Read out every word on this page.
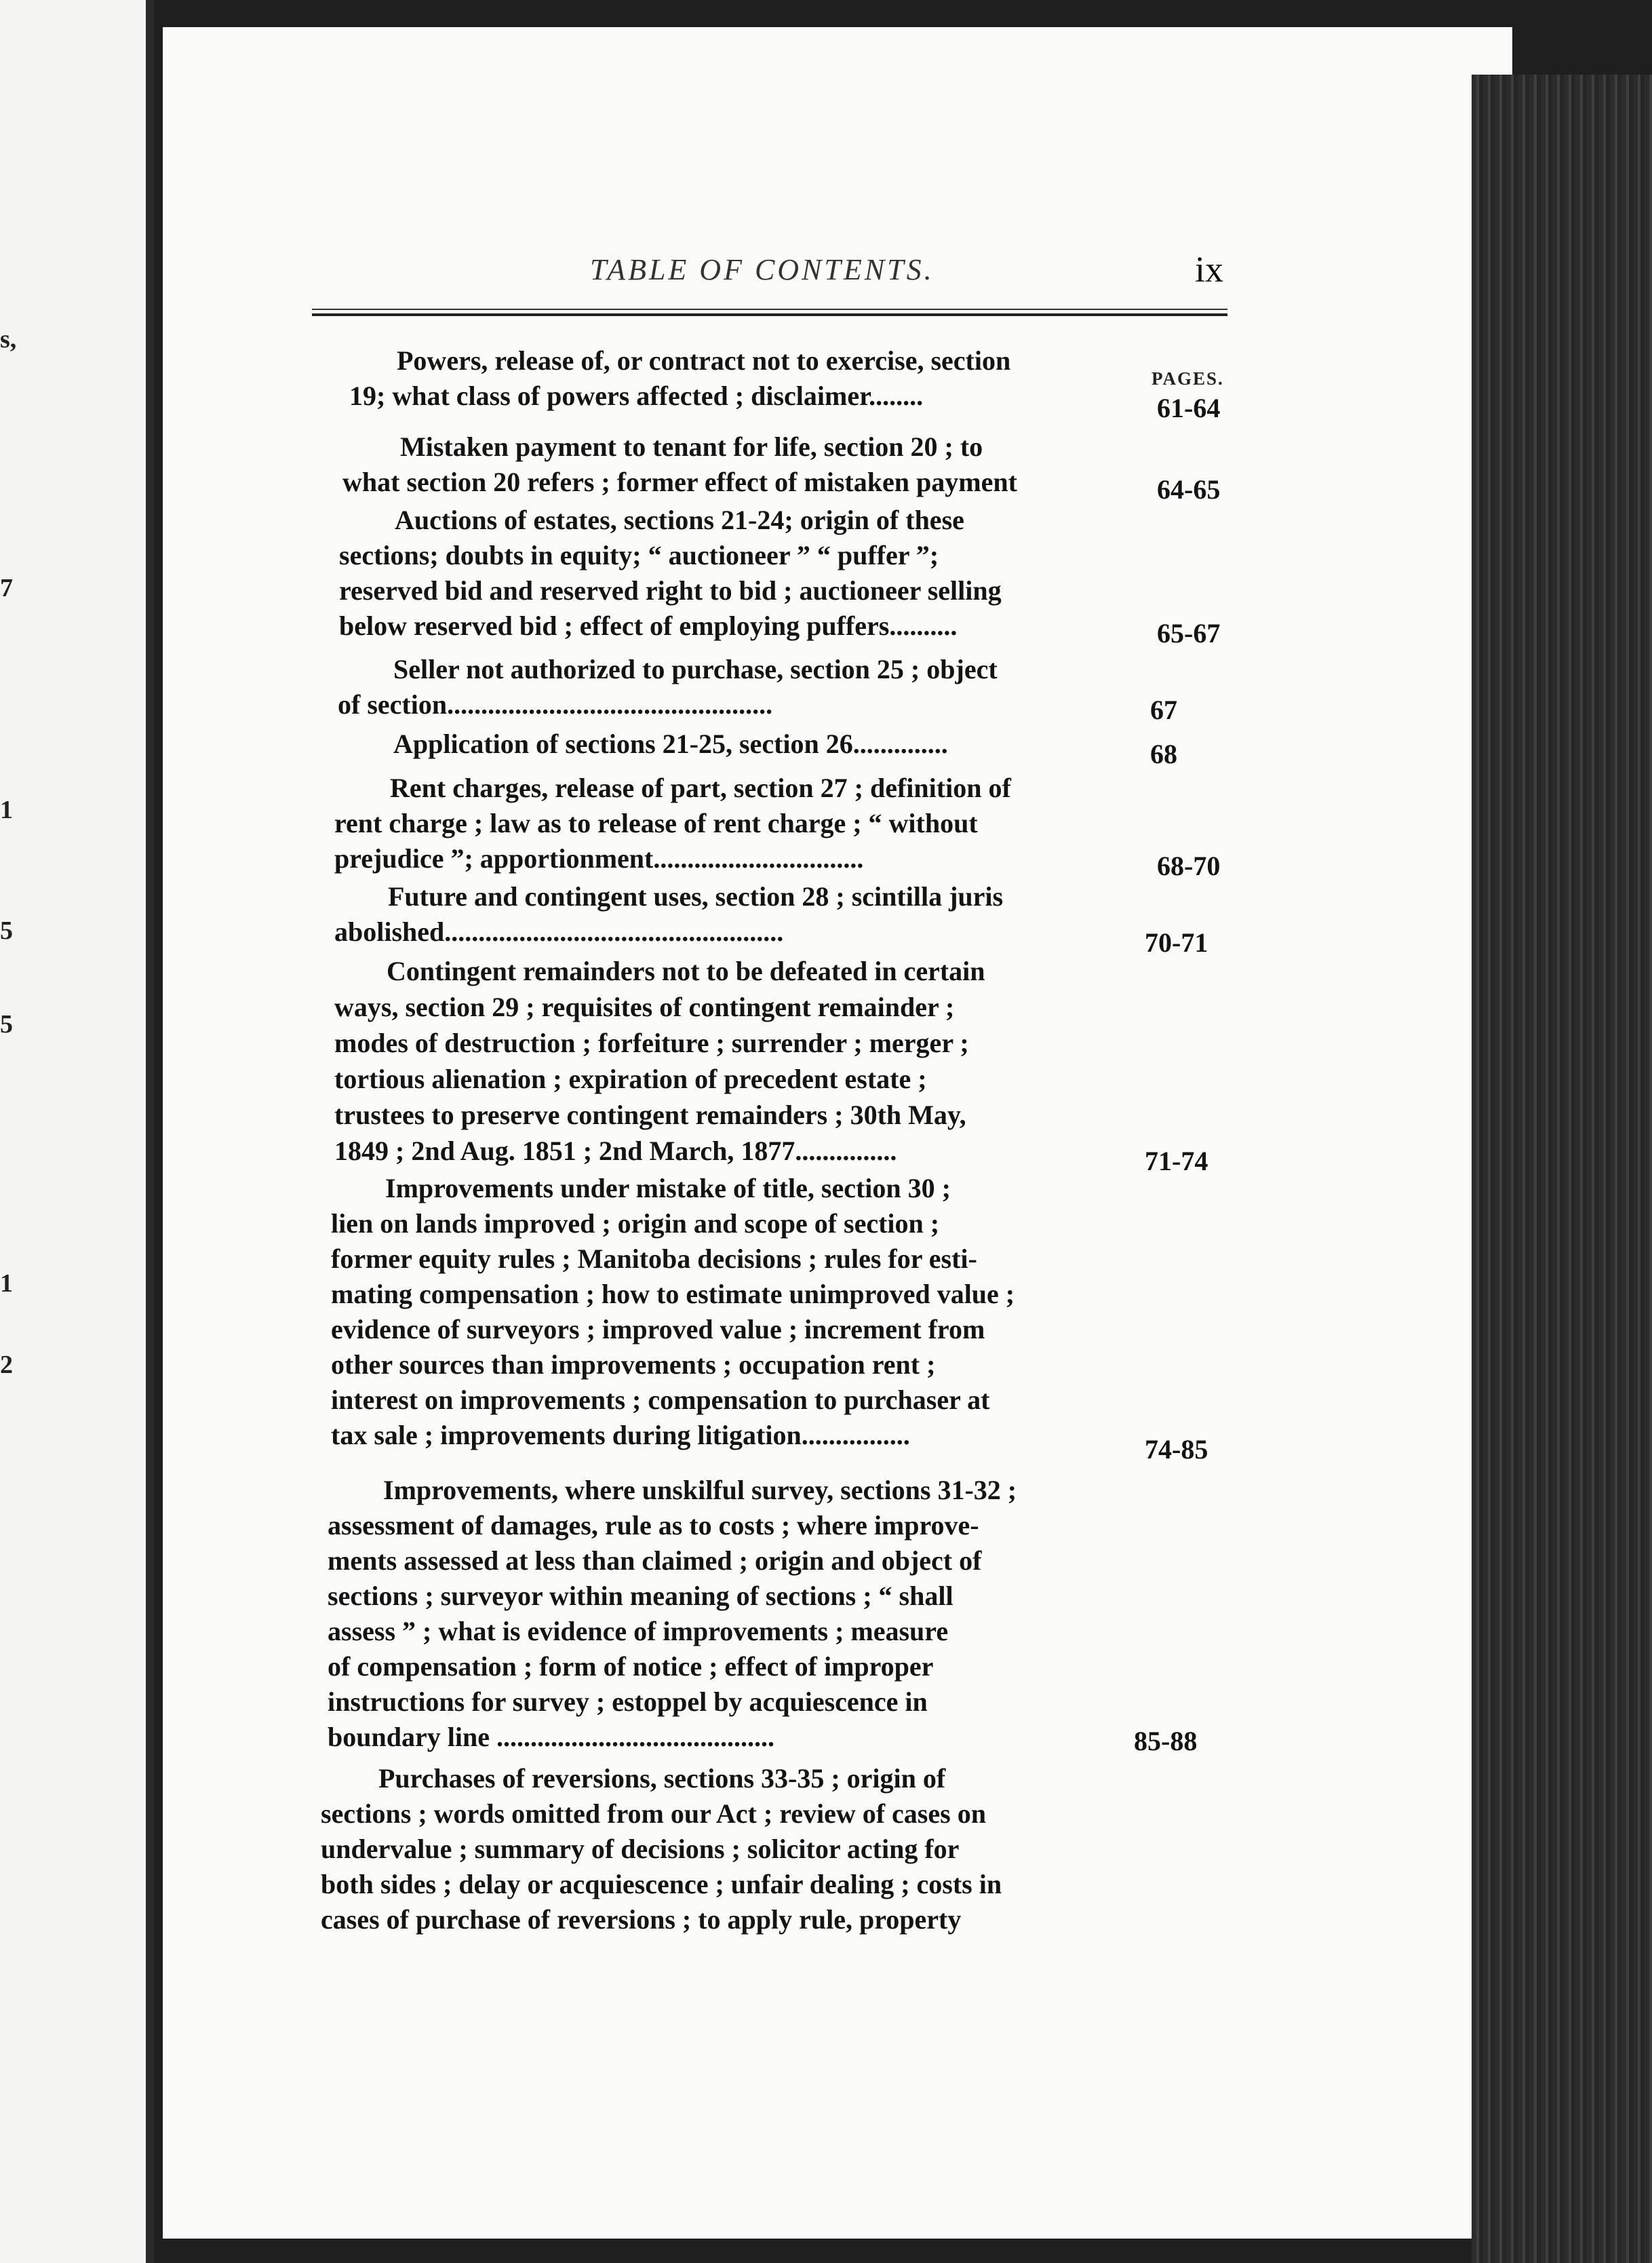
s,
7
1
5
5
1
2
TABLE OF CONTENTS.	ix
PAGES.
Powers, release of, or contract not to exercise, section
19; what class of powers affected ; disclaimer........	61-64
Mistaken payment to tenant for life, section 20 ; to
what section 20 refers ; former effect of mistaken payment	64-65
Auctions of estates, sections 21-24; origin of these
sections; doubts in equity; “ auctioneer ” “ puffer ”;
reserved bid and reserved right to bid ; auctioneer selling
below reserved bid ; effect of employing puffers..........	65-67
Seller not authorized to purchase, section 25 ; object
of section................................................	67
Application of sections 21-25, section 26..............	68
Rent charges, release of part, section 27 ; definition of
rent charge ; law as to release of rent charge ; “ without
prejudice ”; apportionment...............................	68-70
Future and contingent uses, section 28 ; scintilla juris
abolished..................................................	70-71
Contingent remainders not to be defeated in certain
ways, section 29 ; requisites of contingent remainder ;
modes of destruction ; forfeiture ; surrender ; merger ;
tortious alienation ; expiration of precedent estate ;
trustees to preserve contingent remainders ; 30th May,
1849 ; 2nd Aug. 1851 ; 2nd March, 1877...............	71-74
Improvements under mistake of title, section 30 ;
lien on lands improved ; origin and scope of section ;
former equity rules ; Manitoba decisions ; rules for esti-
mating compensation ; how to estimate unimproved value ;
evidence of surveyors ; improved value ; increment from
other sources than improvements ; occupation rent ;
interest on improvements ; compensation to purchaser at
tax sale ; improvements during litigation................	74-85
Improvements, where unskilful survey, sections 31-32 ;
assessment of damages, rule as to costs ; where improve-
ments assessed at less than claimed ; origin and object of
sections ; surveyor within meaning of sections ; “ shall
assess ” ; what is evidence of improvements ; measure
of compensation ; form of notice ; effect of improper
instructions for survey ; estoppel by acquiescence in
boundary line .........................................	85-88
Purchases of reversions, sections 33-35 ; origin of
sections ; words omitted from our Act ; review of cases on
undervalue ; summary of decisions ; solicitor acting for
both sides ; delay or acquiescence ; unfair dealing ; costs in
cases of purchase of reversions ; to apply rule, property
